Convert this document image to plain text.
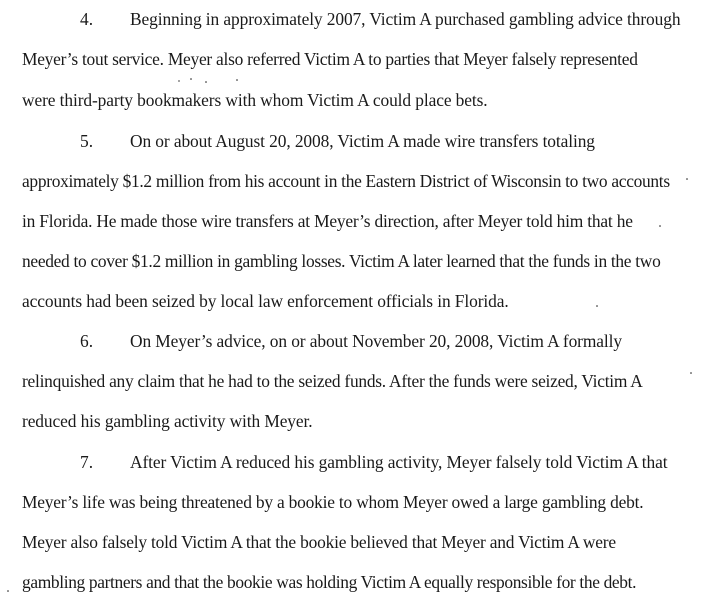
4. Beginning in approximately 2007, Victim A purchased gambling advice through
Meyer’s tout service. Meyer also referred Victim A to parties that Meyer falsely represented
were third-party bookmakers with whom Victim A could place bets.
5. On or about August 20, 2008, Victim A made wire transfers totaling
approximately $1.2 million from his account in the Eastern District of Wisconsin to two accounts
in Florida. He made those wire transfers at Meyer’s direction, after Meyer told him that he
needed to cover $1.2 million in gambling losses. Victim A later learned that the funds in the two
accounts had been seized by local law enforcement officials in Florida.
6. On Meyer’s advice, on or about November 20, 2008, Victim A formally
relinquished any claim that he had to the seized funds. After the funds were seized, Victim A
reduced his gambling activity with Meyer.
7. After Victim A reduced his gambling activity, Meyer falsely told Victim A that
Meyer’s life was being threatened by a bookie to whom Meyer owed a large gambling debt.
Meyer also falsely told Victim A that the bookie believed that Meyer and Victim A were
gambling partners and that the bookie was holding Victim A equally responsible for the debt.
